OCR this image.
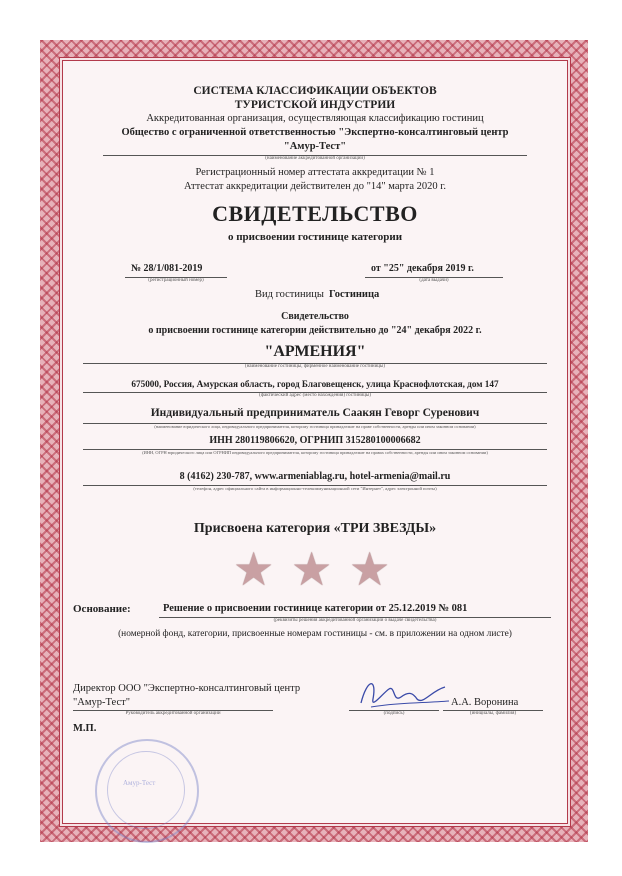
СИСТЕМА КЛАССИФИКАЦИИ ОБЪЕКТОВ
ТУРИСТСКОЙ ИНДУСТРИИ
Аккредитованная организация, осуществляющая классификацию гостиниц
Общество с ограниченной ответственностью "Экспертно-консалтинговый центр
"Амур-Тест"
(наименование аккредитованной организации)
Регистрационный номер аттестата аккредитации № 1
Аттестат аккредитации действителен до "14" марта 2020 г.
СВИДЕТЕЛЬСТВО
о присвоении гостинице категории
№ 28/1/081-2019
(регистрационный номер)
от "25" декабря 2019 г.
(дата выдачи)
Вид гостиницы Гостиница
Свидетельство
о присвоении гостинице категории действительно до "24" декабря 2022 г.
"АРМЕНИЯ"
(наименование гостиницы, фирменное наименование гостиницы)
675000, Россия, Амурская область, город Благовещенск, улица Краснофлотская, дом 147
(фактический адрес (место нахождения) гостиницы)
Индивидуальный предприниматель Саакян Геворг Суренович
(наименование юридического лица, индивидуального предпринимателя, которому гостиница принадлежит на праве собственности, аренды или ином законном основании)
ИНН 280119806620, ОГРНИП 315280100006682
(ИНН, ОГРН юридического лица или ОГРНИП индивидуального предпринимателя, которому гостиница принадлежит на правах собственности, аренды или ином законном основании)
8 (4162) 230-787, www.armeniablag.ru, hotel-armenia@mail.ru
(телефон, адрес официального сайта в информационно-телекоммуникационной сети "Интернет", адрес электронной почты)
Присвоена категория «ТРИ ЗВЕЗДЫ»
★ ★ ★
Основание:	Решение о присвоении гостинице категории от 25.12.2019 № 081
(реквизиты решения аккредитованной организации о выдаче свидетельства)
(номерной фонд, категории, присвоенные номерам гостиницы - см. в приложении на одном листе)
Амур-Тест
Директор ООО "Экспертно-консалтинговый центр
"Амур-Тест"
Руководитель аккредитованной организации	(подпись)
А.А. Воронина
(инициалы, фамилия)
М.П.
